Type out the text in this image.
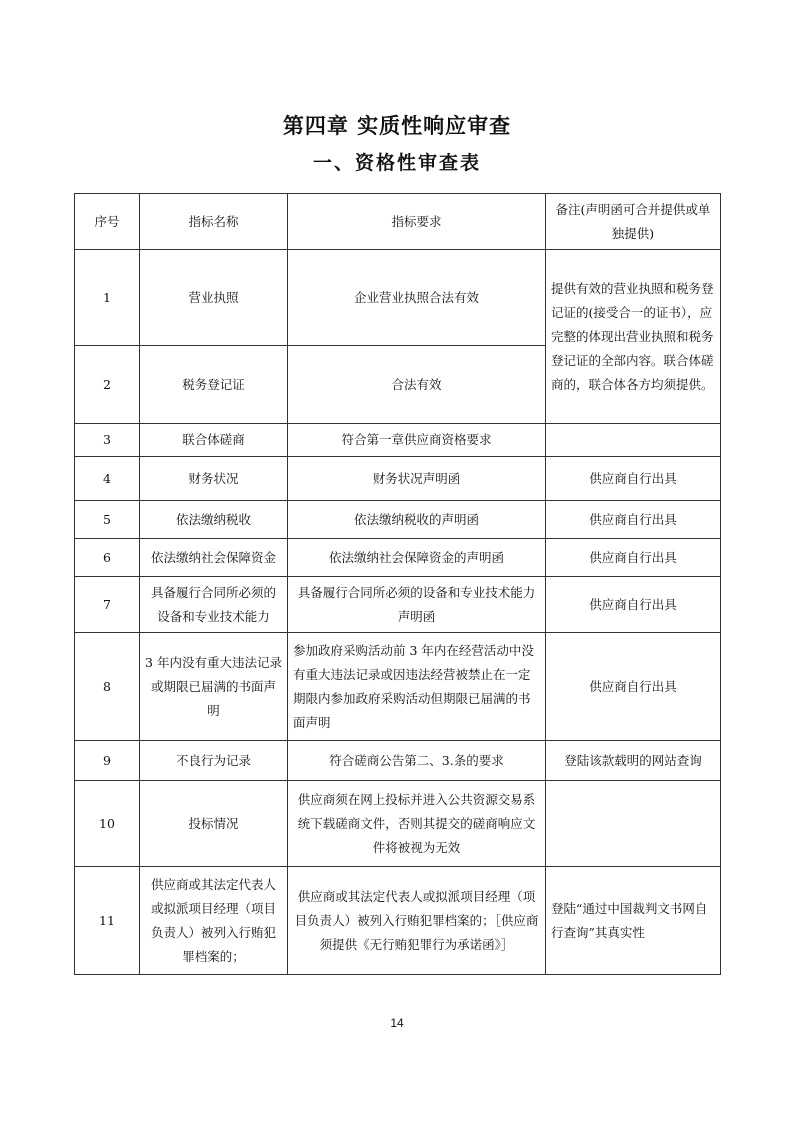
第四章 实质性响应审查
一、资格性审查表
序号	指标名称	指标要求	备注(声明函可合并提供或单独提供)
1	营业执照	企业营业执照合法有效	提供有效的营业执照和税务登记证的(接受合一的证书），应完整的体现出营业执照和税务登记证的全部内容。联合体磋商的，联合体各方均须提供。
2	税务登记证	合法有效	
3	联合体磋商	符合第一章供应商资格要求	
4	财务状况	财务状况声明函	供应商自行出具
5	依法缴纳税收	依法缴纳税收的声明函	供应商自行出具
6	依法缴纳社会保障资金	依法缴纳社会保障资金的声明函	供应商自行出具
7	具备履行合同所必须的设备和专业技术能力	具备履行合同所必须的设备和专业技术能力声明函	供应商自行出具
8	3 年内没有重大违法记录或期限已届满的书面声明	参加政府采购活动前 3 年内在经营活动中没有重大违法记录或因违法经营被禁止在一定期限内参加政府采购活动但期限已届满的书面声明	供应商自行出具
9	不良行为记录	符合磋商公告第二、3.条的要求	登陆该款载明的网站查询
10	投标情况	供应商须在网上投标并进入公共资源交易系统下载磋商文件，否则其提交的磋商响应文件将被视为无效	
11	供应商或其法定代表人或拟派项目经理（项目负责人）被列入行贿犯罪档案的；	供应商或其法定代表人或拟派项目经理（项目负责人）被列入行贿犯罪档案的；［供应商须提供《无行贿犯罪行为承诺函》］	登陆“通过中国裁判文书网自行查询”其真实性
14
